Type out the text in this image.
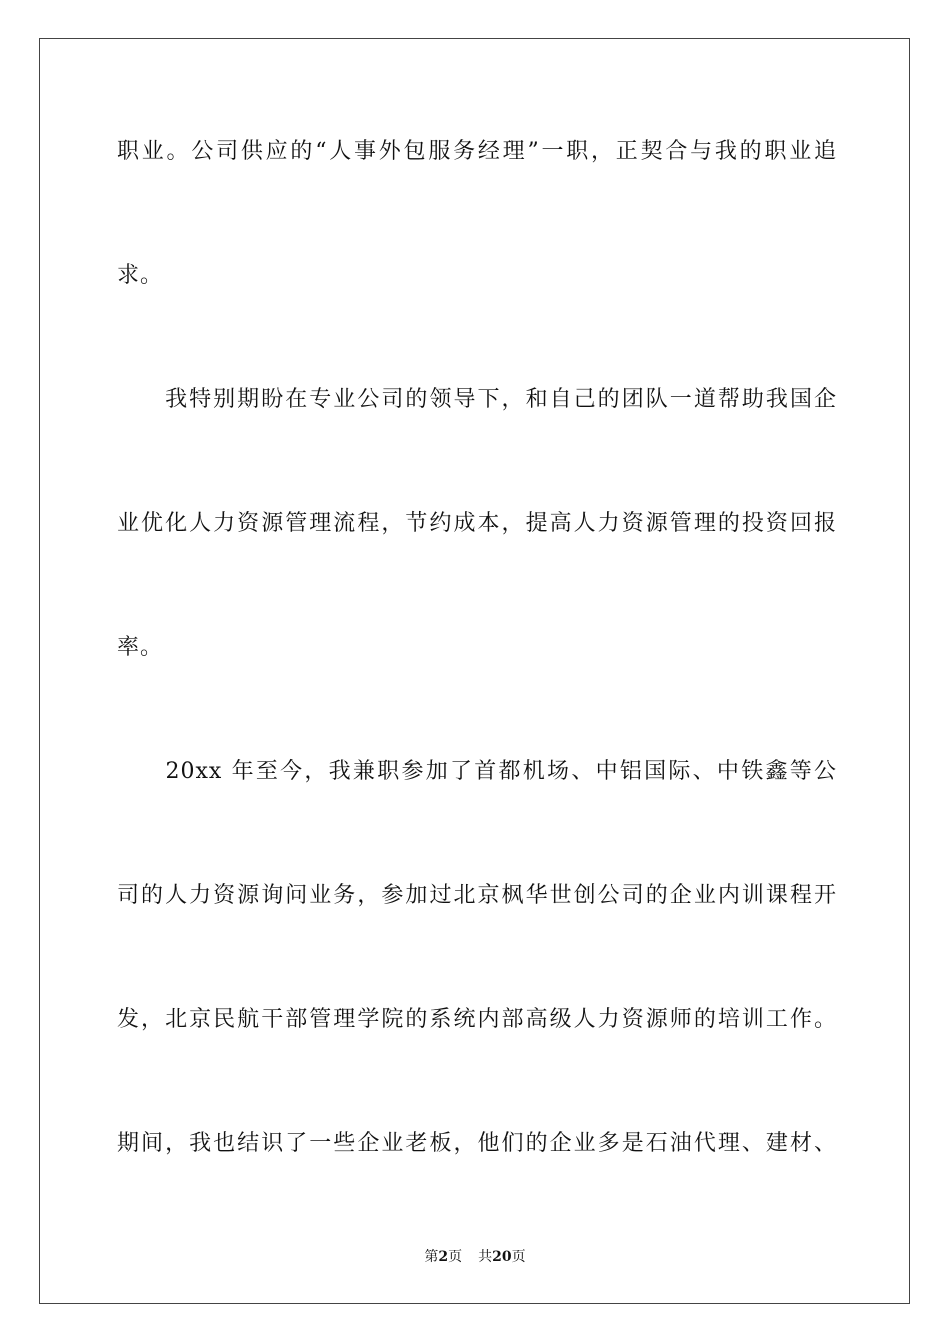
职业。公司供应的“人事外包服务经理”一职，正契合与我的职业追
求。
　　我特别期盼在专业公司的领导下，和自己的团队一道帮助我国企
业优化人力资源管理流程，节约成本，提高人力资源管理的投资回报
率。
　　20xx 年至今，我兼职参加了首都机场、中铝国际、中铁鑫等公
司的人力资源询问业务，参加过北京枫华世创公司的企业内训课程开
发，北京民航干部管理学院的系统内部高级人力资源师的培训工作。
期间，我也结识了一些企业老板，他们的企业多是石油代理、建材、
第2页 共20页
